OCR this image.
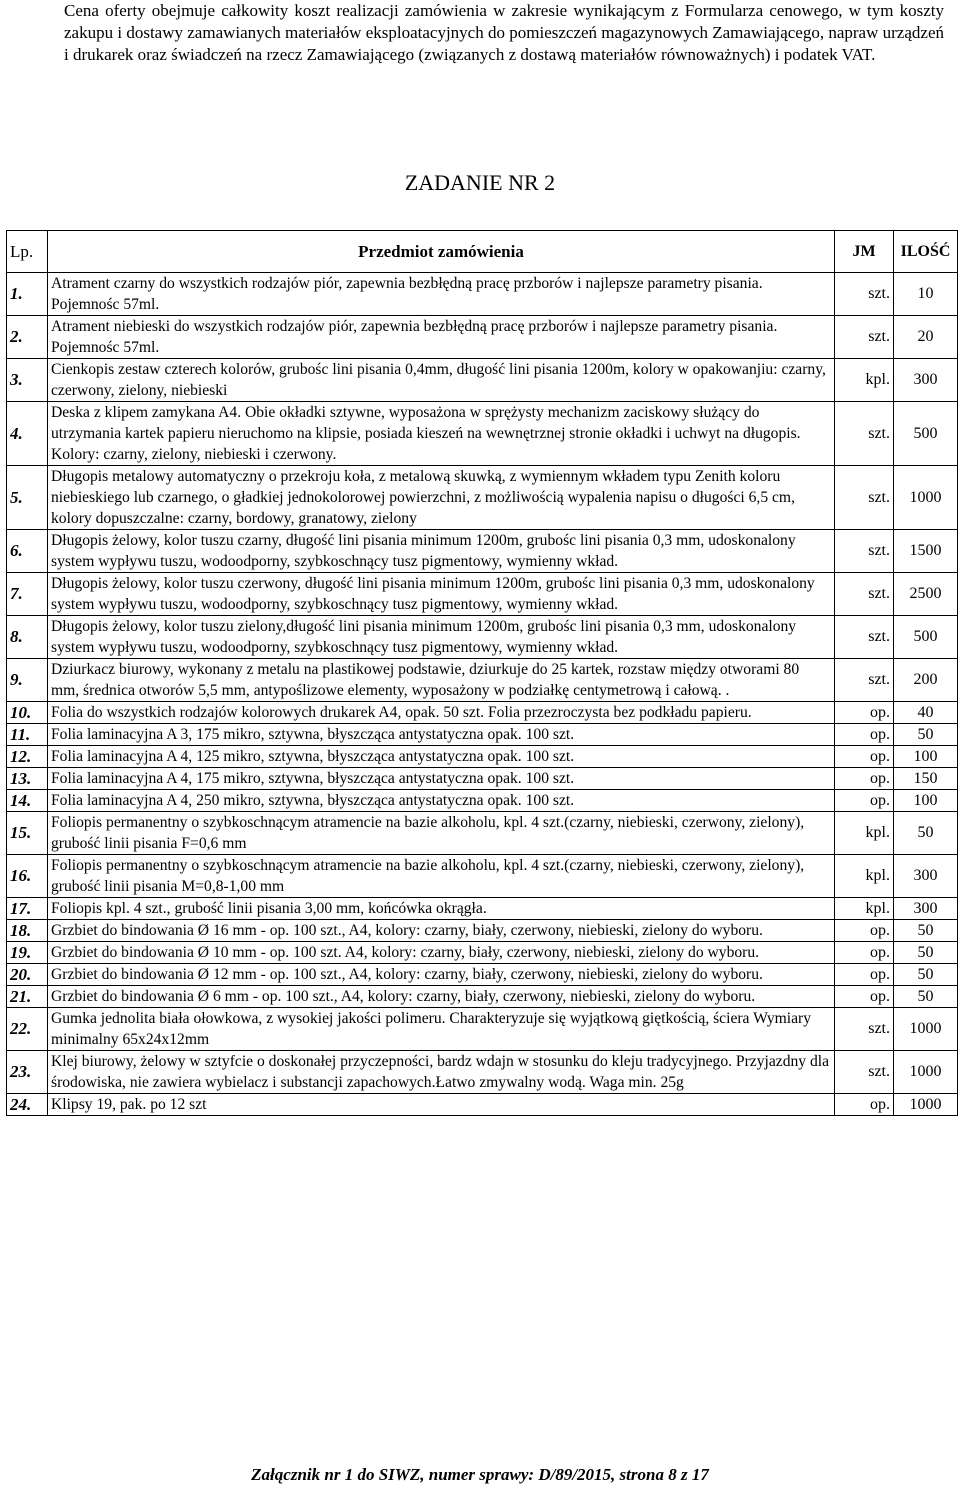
Cena oferty obejmuje całkowity koszt realizacji zamówienia w zakresie wynikającym z Formularza cenowego, w tym koszty zakupu i dostawy zamawianych materiałów eksploatacyjnych do pomieszczeń magazynowych Zamawiającego, napraw urządzeń i drukarek oraz świadczeń na rzecz Zamawiającego (związanych z dostawą materiałów równoważnych) i podatek VAT.
ZADANIE NR 2
Lp.	Przedmiot zamówienia	JM	ILOŚĆ
1.	Atrament czarny do wszystkich rodzajów piór, zapewnia bezbłędną pracę przborów i najlepsze parametry pisania. Pojemnośc 57ml.	szt.	10
2.	Atrament niebieski do wszystkich rodzajów piór, zapewnia bezbłędną pracę przborów i najlepsze parametry pisania. Pojemnośc 57ml.	szt.	20
3.	Cienkopis zestaw czterech kolorów, grubośc lini pisania 0,4mm, długość lini pisania 1200m, kolory w opakowanjiu: czarny, czerwony, zielony, niebieski	kpl.	300
4.	Deska z klipem zamykana A4. Obie okładki sztywne, wyposażona w sprężysty mechanizm zaciskowy służący do utrzymania kartek papieru nieruchomo na klipsie, posiada kieszeń na wewnętrznej stronie okładki i uchwyt na długopis. Kolory: czarny, zielony, niebieski i czerwony.	szt.	500
5.	Długopis metalowy automatyczny o przekroju koła, z metalową skuwką, z wymiennym wkładem typu Zenith koloru niebieskiego lub czarnego, o gładkiej jednokolorowej powierzchni, z możliwością wypalenia napisu o długości 6,5 cm, kolory dopuszczalne: czarny, bordowy, granatowy, zielony	szt.	1000
6.	Długopis żelowy, kolor tuszu czarny, długość lini pisania minimum 1200m, grubośc lini pisania 0,3 mm, udoskonalony system wypływu tuszu, wodoodporny, szybkoschnący tusz pigmentowy, wymienny wkład.	szt.	1500
7.	Długopis żelowy, kolor tuszu czerwony, długość lini pisania minimum 1200m, grubośc lini pisania 0,3 mm, udoskonalony system wypływu tuszu, wodoodporny, szybkoschnący tusz pigmentowy, wymienny wkład.	szt.	2500
8.	Długopis żelowy, kolor tuszu zielony,długość lini pisania minimum 1200m, grubośc lini pisania 0,3 mm, udoskonalony system wypływu tuszu, wodoodporny, szybkoschnący tusz pigmentowy, wymienny wkład.	szt.	500
9.	Dziurkacz biurowy, wykonany z metalu na plastikowej podstawie, dziurkuje do 25 kartek, rozstaw między otworami 80 mm, średnica otworów 5,5 mm, antypoślizowe elementy, wyposażony w podziałkę centymetrową i całową. .	szt.	200
10.	Folia do wszystkich rodzajów kolorowych drukarek A4, opak. 50 szt. Folia przezroczysta bez podkładu papieru.	op.	40
11.	Folia laminacyjna A 3, 175 mikro, sztywna, błyszcząca antystatyczna opak. 100 szt.	op.	50
12.	Folia laminacyjna A 4, 125 mikro, sztywna, błyszcząca antystatyczna opak. 100 szt.	op.	100
13.	Folia laminacyjna A 4, 175 mikro, sztywna, błyszcząca antystatyczna opak. 100 szt.	op.	150
14.	Folia laminacyjna A 4, 250 mikro, sztywna, błyszcząca antystatyczna opak. 100 szt.	op.	100
15.	Foliopis permanentny o szybkoschnącym atramencie na bazie alkoholu, kpl. 4 szt.(czarny, niebieski, czerwony, zielony), grubość linii pisania F=0,6 mm	kpl.	50
16.	Foliopis permanentny o szybkoschnącym atramencie na bazie alkoholu, kpl. 4 szt.(czarny, niebieski, czerwony, zielony), grubość linii pisania M=0,8-1,00 mm	kpl.	300
17.	Foliopis kpl. 4 szt., grubość linii pisania 3,00 mm, końcówka okrągła.	kpl.	300
18.	Grzbiet do bindowania Ø 16 mm - op. 100 szt., A4, kolory: czarny, biały, czerwony, niebieski, zielony do wyboru.	op.	50
19.	Grzbiet do bindowania Ø 10 mm - op. 100 szt. A4, kolory: czarny, biały, czerwony, niebieski, zielony do wyboru.	op.	50
20.	Grzbiet do bindowania Ø 12 mm - op. 100 szt., A4, kolory: czarny, biały, czerwony, niebieski, zielony do wyboru.	op.	50
21.	Grzbiet do bindowania Ø 6 mm - op. 100 szt., A4, kolory: czarny, biały, czerwony, niebieski, zielony do wyboru.	op.	50
22.	Gumka jednolita biała ołowkowa, z wysokiej jakości polimeru. Charakteryzuje się wyjątkową giętkością, ściera Wymiary minimalny 65x24x12mm	szt.	1000
23.	Klej biurowy, żelowy w sztyfcie o doskonałej przyczepności, bardz wdajn w stosunku do kleju tradycyjnego. Przyjazdny dla środowiska, nie zawiera wybielacz i substancji zapachowych.Łatwo zmywalny wodą. Waga min. 25g	szt.	1000
24.	Klipsy 19, pak. po 12 szt	op.	1000
Załącznik nr 1 do SIWZ, numer sprawy: D/89/2015, strona 8 z 17
